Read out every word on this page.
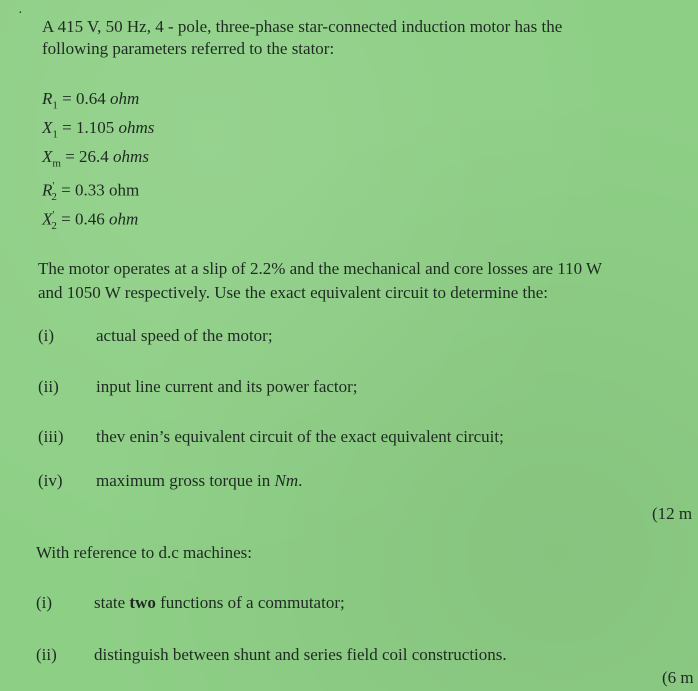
·
A 415 V, 50 Hz, 4 - pole, three-phase star-connected induction motor has the
following parameters referred to the stator:
$R_1 = 0.64$ ohm
$X_1 = 1.105$ ohms
$X_m = 26.4$ ohms
$R'_2 = 0.33$ ohm
$X'_2 = 0.46$ ohm
The motor operates at a slip of 2.2% and the mechanical and core losses are 110 W
and 1050 W respectively. Use the exact equivalent circuit to determine the:
(i) actual speed of the motor;
(ii) input line current and its power factor;
(iii) thev enin’s equivalent circuit of the exact equivalent circuit;
(iv) maximum gross torque in Nm.
(12 m
With reference to d.c machines:
(i) state two functions of a commutator;
(ii) distinguish between shunt and series field coil constructions.
(6 m
